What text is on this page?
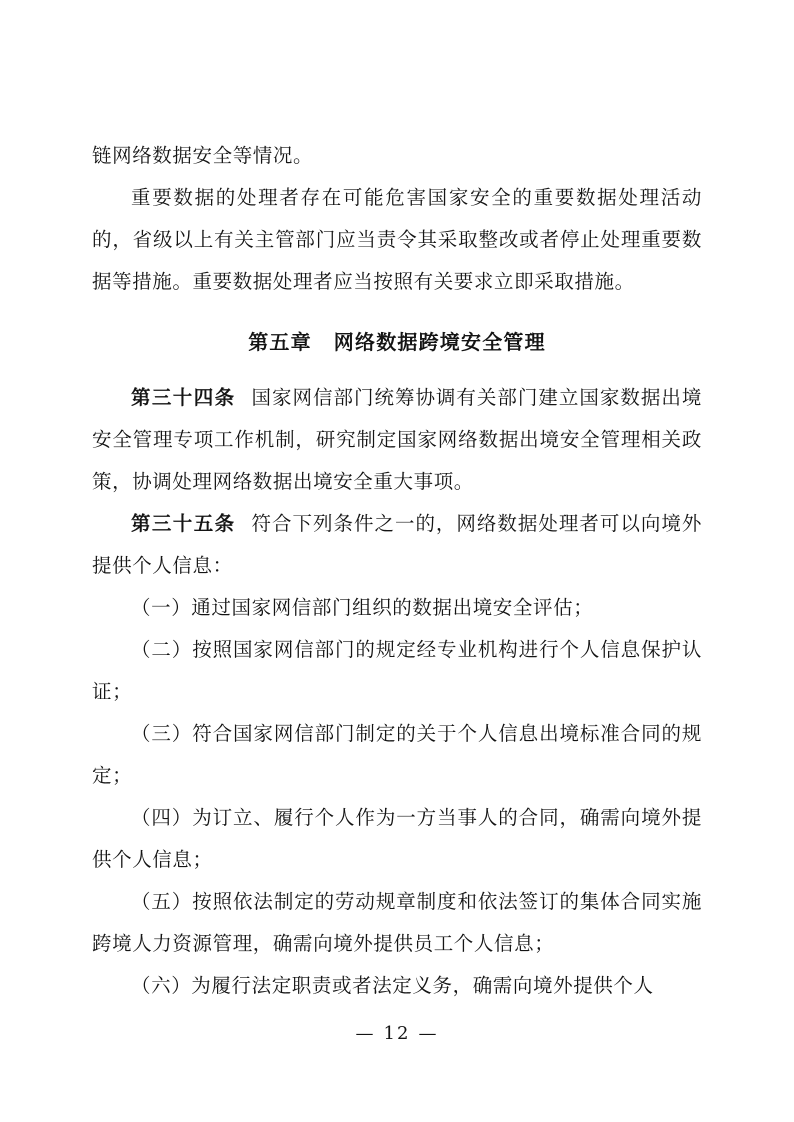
链网络数据安全等情况。

重要数据的处理者存在可能危害国家安全的重要数据处理活动的，省级以上有关主管部门应当责令其采取整改或者停止处理重要数据等措施。重要数据处理者应当按照有关要求立即采取措施。

第五章 网络数据跨境安全管理

第三十四条 国家网信部门统筹协调有关部门建立国家数据出境安全管理专项工作机制，研究制定国家网络数据出境安全管理相关政策，协调处理网络数据出境安全重大事项。

第三十五条 符合下列条件之一的，网络数据处理者可以向境外提供个人信息：

（一）通过国家网信部门组织的数据出境安全评估；

（二）按照国家网信部门的规定经专业机构进行个人信息保护认证；

（三）符合国家网信部门制定的关于个人信息出境标准合同的规定；

（四）为订立、履行个人作为一方当事人的合同，确需向境外提供个人信息；

（五）按照依法制定的劳动规章制度和依法签订的集体合同实施跨境人力资源管理，确需向境外提供员工个人信息；

（六）为履行法定职责或者法定义务，确需向境外提供个人

— 12 —
